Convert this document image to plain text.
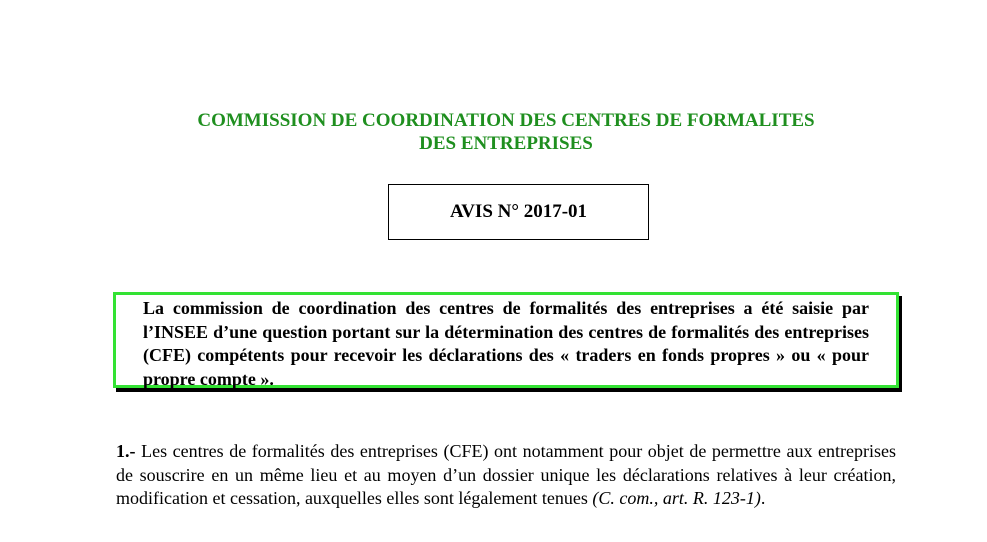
COMMISSION DE COORDINATION DES CENTRES DE FORMALITES
DES ENTREPRISES
AVIS N° 2017-01
La commission de coordination des centres de formalités des entreprises a été saisie par l’INSEE d’une question portant sur la détermination des centres de formalités des entreprises (CFE) compétents pour recevoir les déclarations des « traders en fonds propres » ou « pour propre compte ».

1.- Les centres de formalités des entreprises (CFE) ont notamment pour objet de permettre aux entreprises de souscrire en un même lieu et au moyen d’un dossier unique les déclarations relatives à leur création, modification et cessation, auxquelles elles sont légalement tenues (C. com., art. R. 123-1).
